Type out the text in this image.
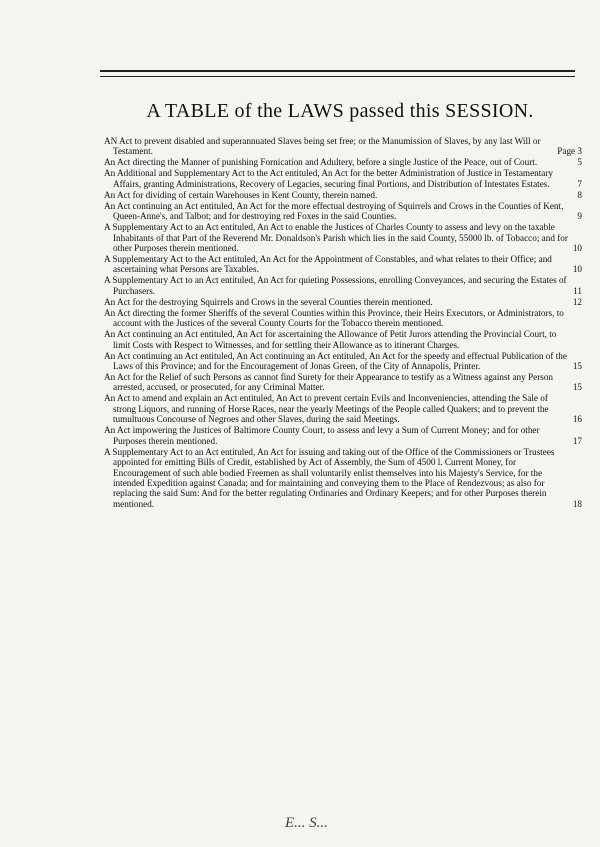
A TABLE of the LAWS passed this SESSION.
AN Act to prevent disabled and superannuated Slaves being set free; or the Manumission of Slaves, by any last Will or Testament.	Page 3
An Act directing the Manner of punishing Fornication and Adultery, before a single Justice of the Peace, out of Court.	5
An Additional and Supplementary Act to the Act entituled, An Act for the better Administration of Justice in Testamentary Affairs, granting Administrations, Recovery of Legacies, securing final Portions, and Distribution of Intestates Estates.	7
An Act for dividing of certain Warehouses in Kent County, therein named.	8
An Act continuing an Act entituled, An Act for the more effectual destroying of Squirrels and Crows in the Counties of Kent, Queen-Anne's, and Talbot; and for destroying red Foxes in the said Counties.	9
A Supplementary Act to an Act entituled, An Act to enable the Justices of Charles County to assess and levy on the taxable Inhabitants of that Part of the Reverend Mr. Donaldson's Parish which lies in the said County, 55000 lb. of Tobacco; and for other Purposes therein mentioned.	10
A Supplementary Act to the Act entituled, An Act for the Appointment of Constables, and what relates to their Office; and ascertaining what Persons are Taxables.	10
A Supplementary Act to an Act entituled, An Act for quieting Possessions, enrolling Conveyances, and securing the Estates of Purchasers.	11
An Act for the destroying Squirrels and Crows in the several Counties therein mentioned.	12
An Act directing the former Sheriffs of the several Counties within this Province, their Heirs Executors, or Administrators, to account with the Justices of the several County Courts for the Tobacco therein mentioned.
An Act continuing an Act entituled, An Act for ascertaining the Allowance of Petit Jurors attending the Provincial Court, to limit Costs with Respect to Witnesses, and for settling their Allowance as to itinerant Charges.
An Act continuing an Act entituled, An Act continuing an Act entituled, An Act for the speedy and effectual Publication of the Laws of this Province; and for the Encouragement of Jonas Green, of the City of Annapolis, Printer.	15
An Act for the Relief of such Persons as cannot find Surety for their Appearance to testify as a Witness against any Person arrested, accused, or prosecuted, for any Criminal Matter.	15
An Act to amend and explain an Act entituled, An Act to prevent certain Evils and Inconveniencies, attending the Sale of strong Liquors, and running of Horse Races, near the yearly Meetings of the People called Quakers; and to prevent the tumultuous Concourse of Negroes and other Slaves, during the said Meetings.	16
An Act impowering the Justices of Baltimore County Court, to assess and levy a Sum of Current Money; and for other Purposes therein mentioned.	17
A Supplementary Act to an Act entituled, An Act for issuing and taking out of the Office of the Commissioners or Trustees appointed for emitting Bills of Credit, established by Act of Assembly, the Sum of 4500 l. Current Money, for Encouragement of such able bodied Freemen as shall voluntarily enlist themselves into his Majesty's Service, for the intended Expedition against Canada; and for maintaining and conveying them to the Place of Rendezvous; as also for replacing the said Sum: And for the better regulating Ordinaries and Ordinary Keepers; and for other Purposes therein mentioned.	18
E... S...
